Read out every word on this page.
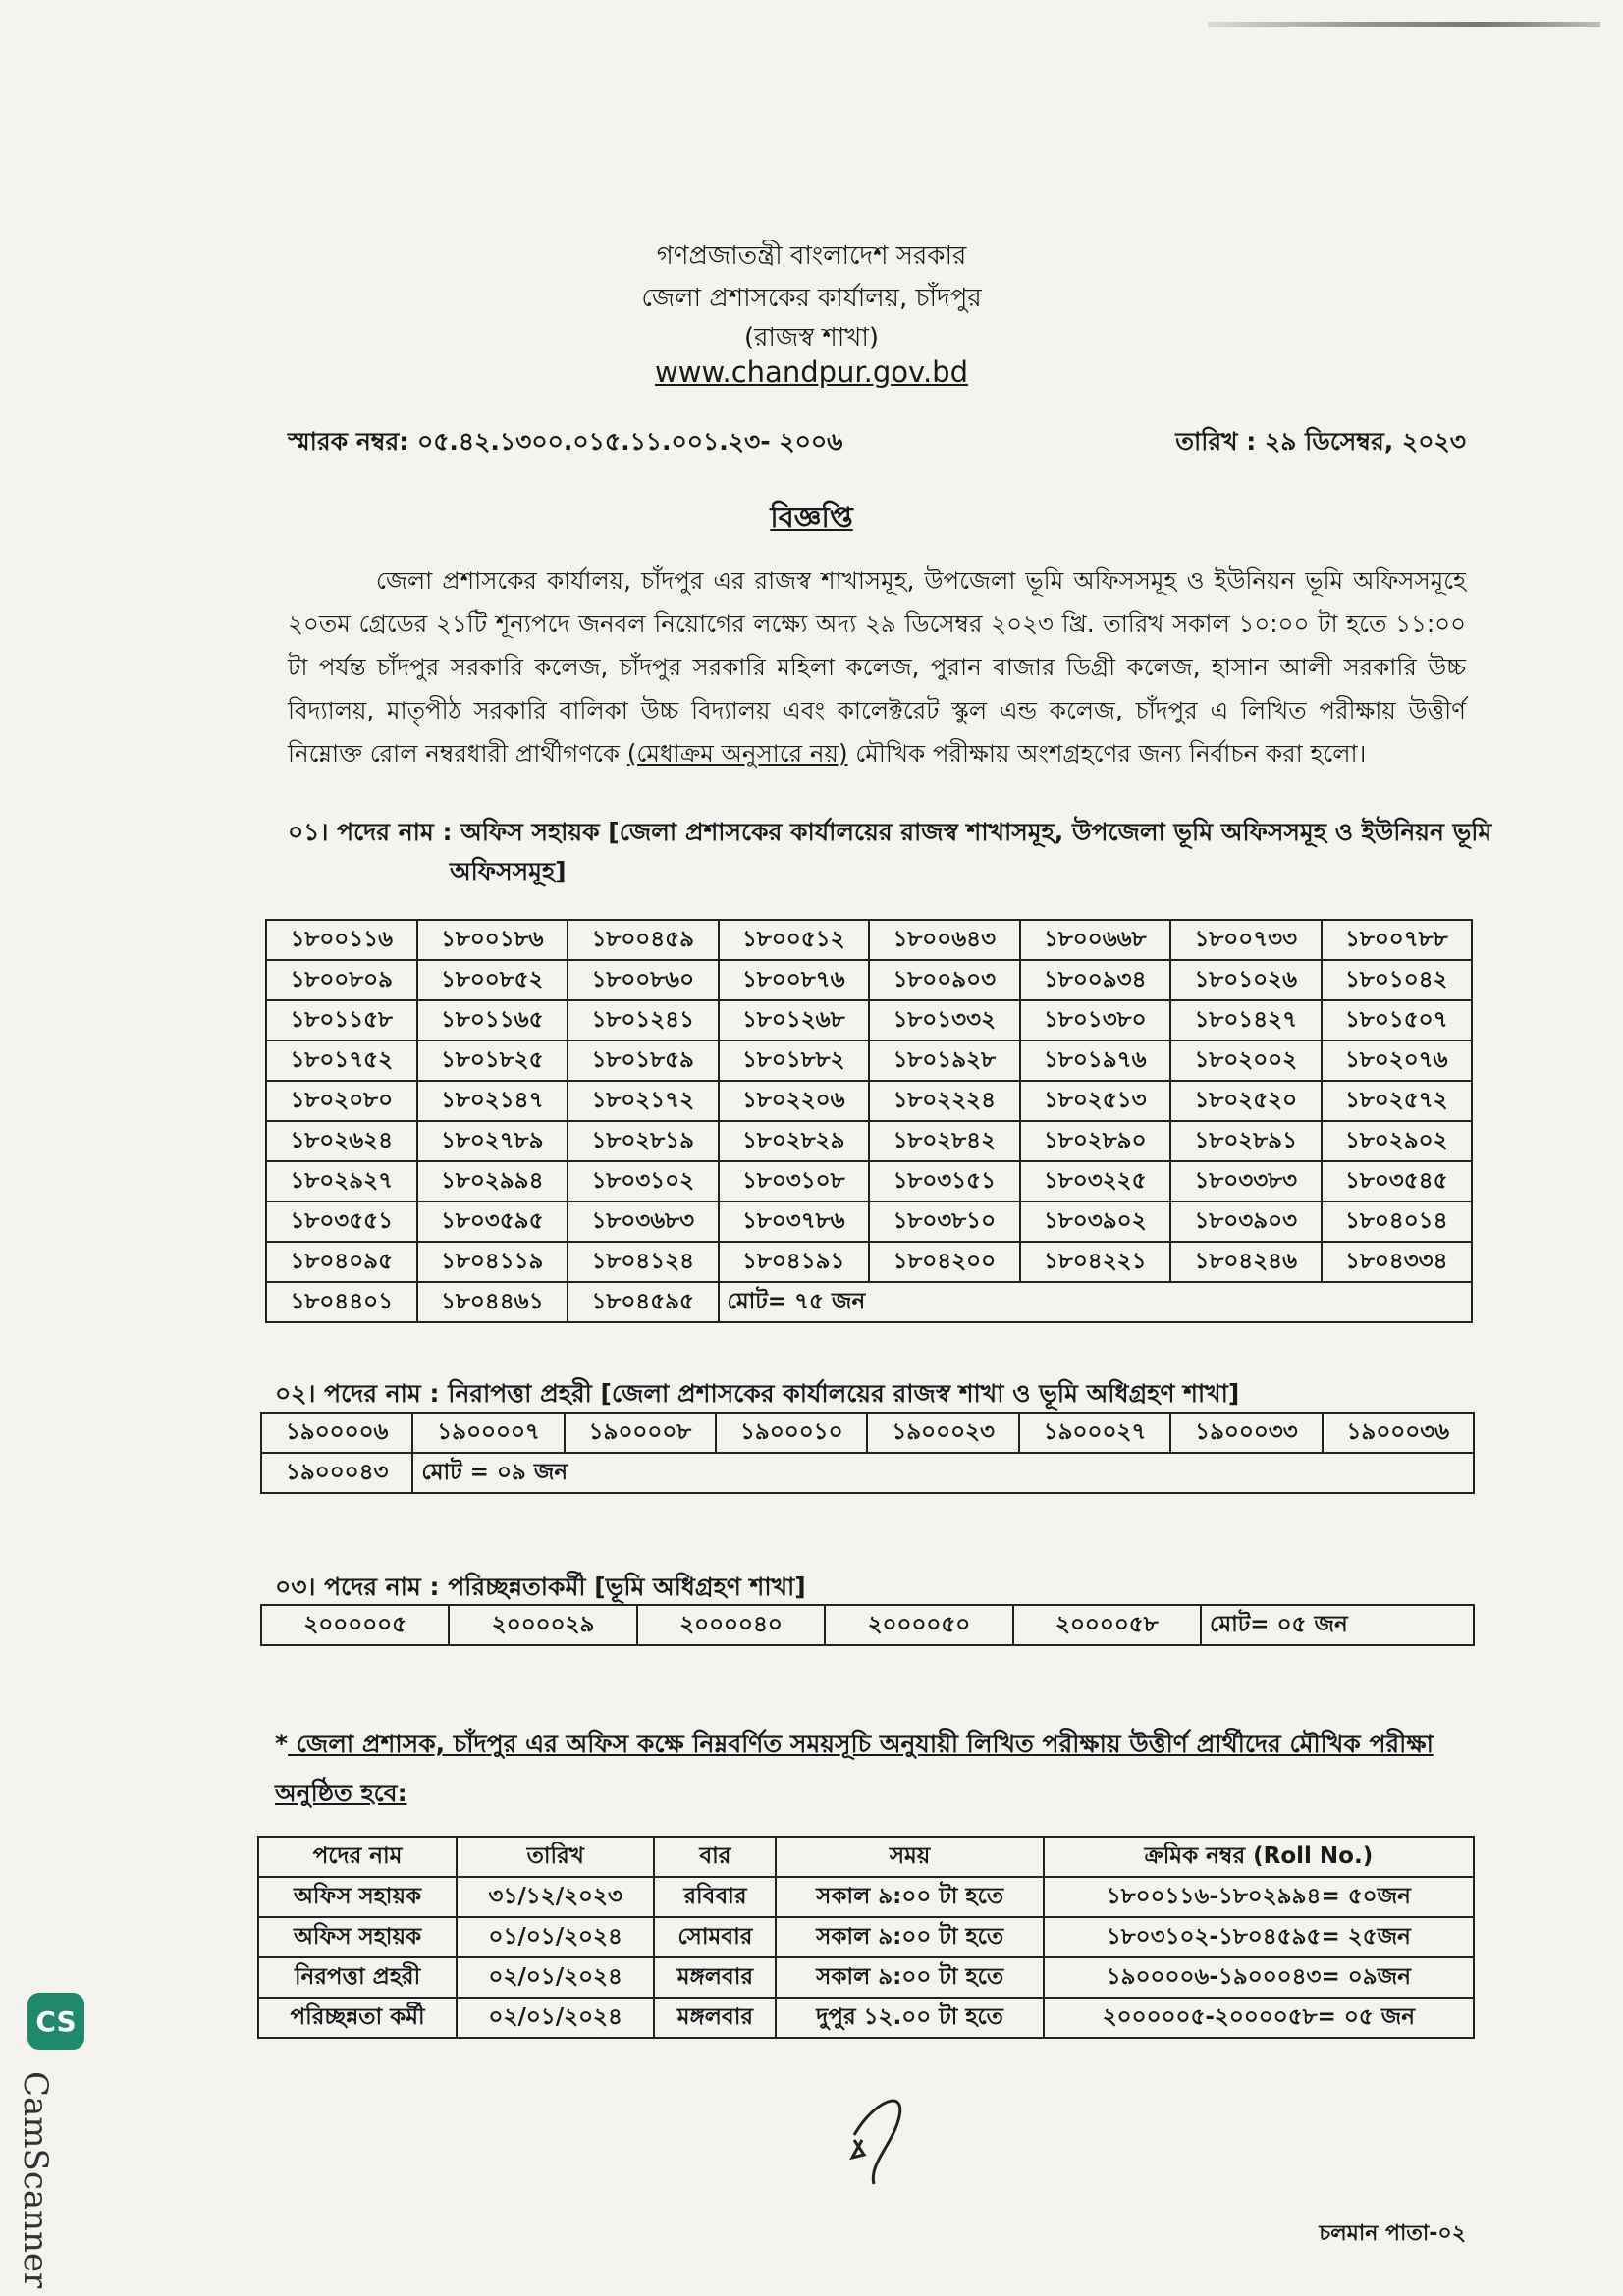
গণপ্রজাতন্ত্রী বাংলাদেশ সরকার
জেলা প্রশাসকের কার্যালয়, চাঁদপুর
(রাজস্ব শাখা)
www.chandpur.gov.bd
স্মারক নম্বর: ০৫.৪২.১৩০০.০১৫.১১.০০১.২৩- ২০০৬	তারিখ : ২৯ ডিসেম্বর, ২০২৩
বিজ্ঞপ্তি
জেলা প্রশাসকের কার্যালয়, চাঁদপুর এর রাজস্ব শাখাসমূহ, উপজেলা ভূমি অফিসসমূহ ও ইউনিয়ন ভূমি অফিসসমূহে ২০তম গ্রেডের ২১টি শূন্যপদে জনবল নিয়োগের লক্ষ্যে অদ্য ২৯ ডিসেম্বর ২০২৩ খ্রি. তারিখ সকাল ১০:০০ টা হতে ১১:০০ টা পর্যন্ত চাঁদপুর সরকারি কলেজ, চাঁদপুর সরকারি মহিলা কলেজ, পুরান বাজার ডিগ্রী কলেজ, হাসান আলী সরকারি উচ্চ বিদ্যালয়, মাতৃপীঠ সরকারি বালিকা উচ্চ বিদ্যালয় এবং কালেক্টরেট স্কুল এন্ড কলেজ, চাঁদপুর এ লিখিত পরীক্ষায় উত্তীর্ণ নিম্নোক্ত রোল নম্বরধারী প্রার্থীগণকে (মেধাক্রম অনুসারে নয়) মৌখিক পরীক্ষায় অংশগ্রহণের জন্য নির্বাচন করা হলো।
০১। পদের নাম : অফিস সহায়ক [জেলা প্রশাসকের কার্যালয়ের রাজস্ব শাখাসমূহ, উপজেলা ভূমি অফিসসমূহ ও ইউনিয়ন ভূমি
অফিসসমূহ]
১৮০০১১৬	১৮০০১৮৬	১৮০০৪৫৯	১৮০০৫১২	১৮০০৬৪৩	১৮০০৬৬৮	১৮০০৭৩৩	১৮০০৭৮৮
১৮০০৮০৯	১৮০০৮৫২	১৮০০৮৬০	১৮০০৮৭৬	১৮০০৯০৩	১৮০০৯৩৪	১৮০১০২৬	১৮০১০৪২
১৮০১১৫৮	১৮০১১৬৫	১৮০১২৪১	১৮০১২৬৮	১৮০১৩৩২	১৮০১৩৮০	১৮০১৪২৭	১৮০১৫০৭
১৮০১৭৫২	১৮০১৮২৫	১৮০১৮৫৯	১৮০১৮৮২	১৮০১৯২৮	১৮০১৯৭৬	১৮০২০০২	১৮০২০৭৬
১৮০২০৮০	১৮০২১৪৭	১৮০২১৭২	১৮০২২০৬	১৮০২২২৪	১৮০২৫১৩	১৮০২৫২০	১৮০২৫৭২
১৮০২৬২৪	১৮০২৭৮৯	১৮০২৮১৯	১৮০২৮২৯	১৮০২৮৪২	১৮০২৮৯০	১৮০২৮৯১	১৮০২৯০২
১৮০২৯২৭	১৮০২৯৯৪	১৮০৩১০২	১৮০৩১০৮	১৮০৩১৫১	১৮০৩২২৫	১৮০৩৩৮৩	১৮০৩৫৪৫
১৮০৩৫৫১	১৮০৩৫৯৫	১৮০৩৬৮৩	১৮০৩৭৮৬	১৮০৩৮১০	১৮০৩৯০২	১৮০৩৯০৩	১৮০৪০১৪
১৮০৪০৯৫	১৮০৪১১৯	১৮০৪১২৪	১৮০৪১৯১	১৮০৪২০০	১৮০৪২২১	১৮০৪২৪৬	১৮০৪৩৩৪
১৮০৪৪০১	১৮০৪৪৬১	১৮০৪৫৯৫	মোট= ৭৫ জন				
০২। পদের নাম : নিরাপত্তা প্রহরী [জেলা প্রশাসকের কার্যালয়ের রাজস্ব শাখা ও ভূমি অধিগ্রহণ শাখা]
১৯০০০০৬	১৯০০০০৭	১৯০০০০৮	১৯০০০১০	১৯০০০২৩	১৯০০০২৭	১৯০০০৩৩	১৯০০০৩৬
১৯০০০৪৩	মোট = ০৯ জন						
০৩। পদের নাম : পরিচ্ছন্নতাকর্মী [ভূমি অধিগ্রহণ শাখা]
২০০০০০৫	২০০০০২৯	২০০০০৪০	২০০০০৫০	২০০০০৫৮	মোট= ০৫ জন
* জেলা প্রশাসক, চাঁদপুর এর অফিস কক্ষে নিম্নবর্ণিত সময়সূচি অনুযায়ী লিখিত পরীক্ষায় উত্তীর্ণ প্রার্থীদের মৌখিক পরীক্ষা
অনুষ্ঠিত হবে:
পদের নাম	তারিখ	বার	সময়	ক্রমিক নম্বর (Roll No.)
অফিস সহায়ক	৩১/১২/২০২৩	রবিবার	সকাল ৯:০০ টা হতে	১৮০০১১৬-১৮০২৯৯৪= ৫০জন
অফিস সহায়ক	০১/০১/২০২৪	সোমবার	সকাল ৯:০০ টা হতে	১৮০৩১০২-১৮০৪৫৯৫= ২৫জন
নিরপত্তা প্রহরী	০২/০১/২০২৪	মঙ্গলবার	সকাল ৯:০০ টা হতে	১৯০০০০৬-১৯০০০৪৩= ০৯জন
পরিচ্ছন্নতা কর্মী	০২/০১/২০২৪	মঙ্গলবার	দুপুর ১২.০০ টা হতে	২০০০০০৫-২০০০০৫৮= ০৫ জন
চলমান পাতা-০২
CS
CamScanner
